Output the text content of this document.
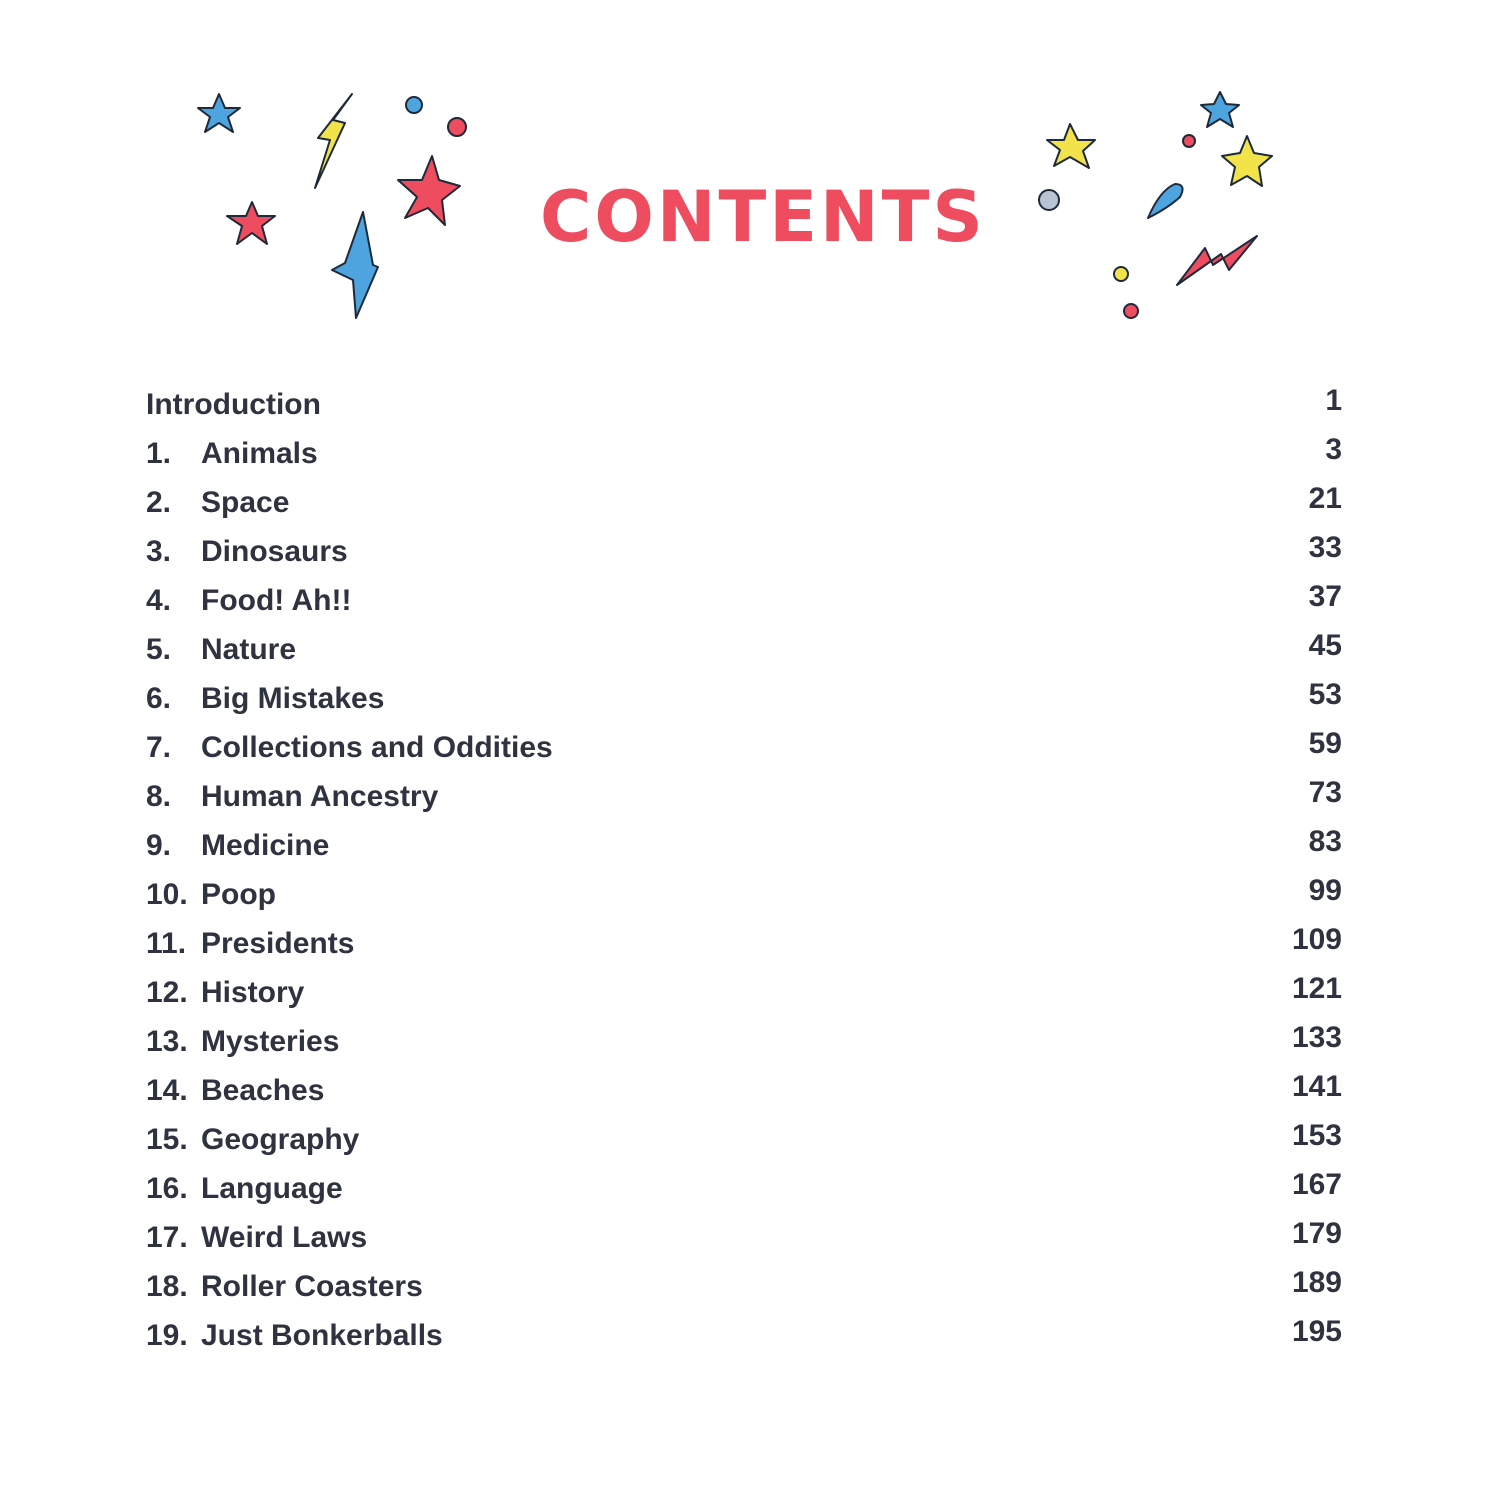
CONTENTS
Introduction	1
1. Animals	3
2. Space	21
3. Dinosaurs	33
4. Food! Ah!!	37
5. Nature	45
6. Big Mistakes	53
7. Collections and Oddities	59
8. Human Ancestry	73
9. Medicine	83
10. Poop	99
11. Presidents	109
12. History	121
13. Mysteries	133
14. Beaches	141
15. Geography	153
16. Language	167
17. Weird Laws	179
18. Roller Coasters	189
19. Just Bonkerballs	195
